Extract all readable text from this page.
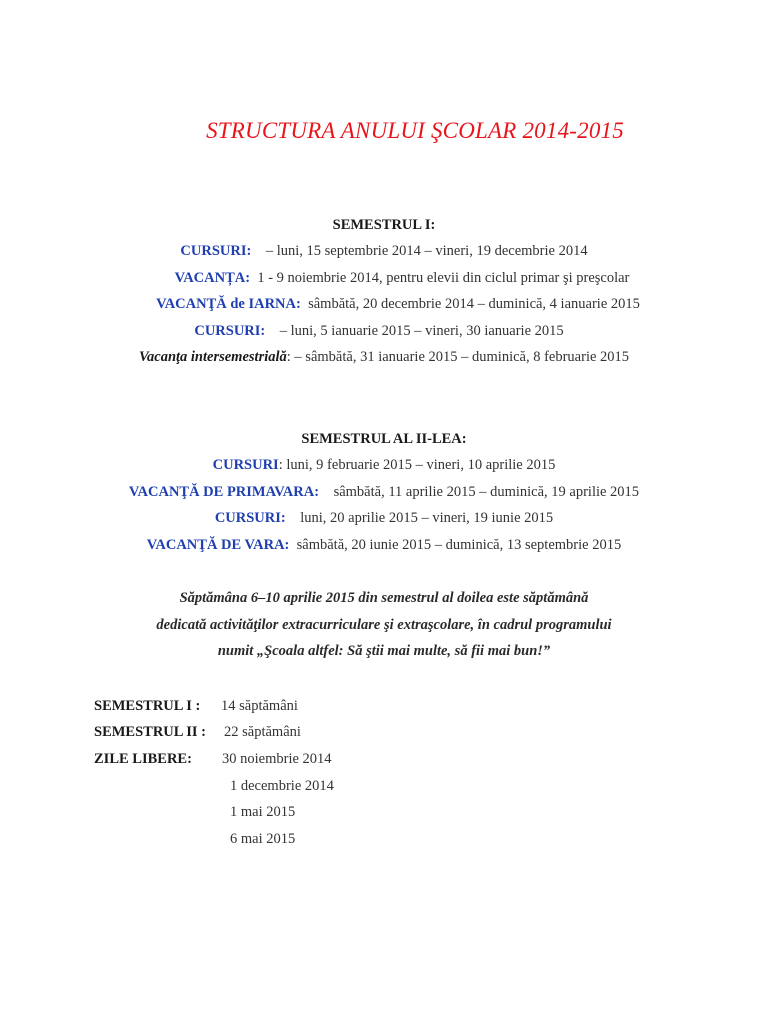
STRUCTURA ANULUI ŞCOLAR 2014-2015
SEMESTRUL I:
CURSURI: – luni, 15 septembrie 2014 – vineri, 19 decembrie 2014
VACANȚA: 1 - 9 noiembrie 2014, pentru elevii din ciclul primar şi preşcolar
VACANŢĂ de IARNA: sâmbătă, 20 decembrie 2014 – duminică, 4 ianuarie 2015
CURSURI: – luni, 5 ianuarie 2015 – vineri, 30 ianuarie 2015
Vacanţa intersemestrială: – sâmbătă, 31 ianuarie 2015 – duminică, 8 februarie 2015
SEMESTRUL AL II-LEA:
CURSURI: luni, 9 februarie 2015 – vineri, 10 aprilie 2015
VACANŢĂ DE PRIMAVARA: sâmbătă, 11 aprilie 2015 – duminică, 19 aprilie 2015
CURSURI: luni, 20 aprilie 2015 – vineri, 19 iunie 2015
VACANŢĂ DE VARA: sâmbătă, 20 iunie 2015 – duminică, 13 septembrie 2015
Săptămâna 6–10 aprilie 2015 din semestrul al doilea este săptămână
dedicată activităţilor extracurriculare şi extraşcolare, în cadrul programului
numit „Şcoala altfel: Să ştii mai multe, să fii mai bun!”
SEMESTRUL I : 14 săptămâni
SEMESTRUL II : 22 săptămâni
ZILE LIBERE: 30 noiembrie 2014
1 decembrie 2014
1 mai 2015
6 mai 2015
